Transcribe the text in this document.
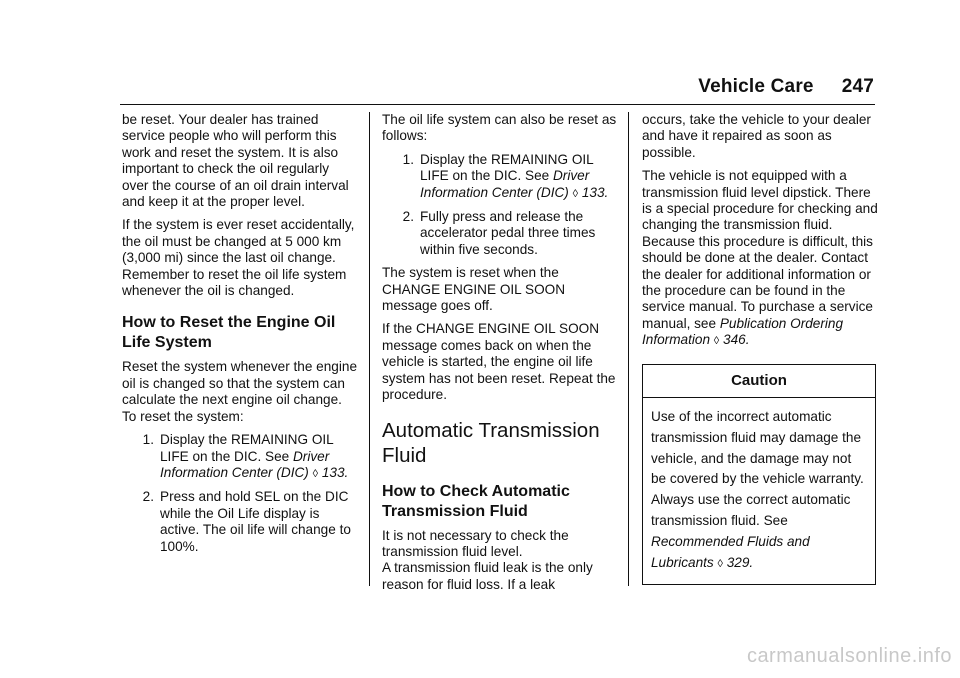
Vehicle Care 247

be reset. Your dealer has trained service people who will perform this work and reset the system. It is also important to check the oil regularly over the course of an oil drain interval and keep it at the proper level.

If the system is ever reset accidentally, the oil must be changed at 5 000 km (3,000 mi) since the last oil change. Remember to reset the oil life system whenever the oil is changed.

How to Reset the Engine Oil Life System

Reset the system whenever the engine oil is changed so that the system can calculate the next engine oil change. To reset the system:

1. Display the REMAINING OIL LIFE on the DIC. See Driver Information Center (DIC) ◊ 133.
2. Press and hold SEL on the DIC while the Oil Life display is active. The oil life will change to 100%.

The oil life system can also be reset as follows:

1. Display the REMAINING OIL LIFE on the DIC. See Driver Information Center (DIC) ◊ 133.
2. Fully press and release the accelerator pedal three times within five seconds.

The system is reset when the CHANGE ENGINE OIL SOON message goes off.

If the CHANGE ENGINE OIL SOON message comes back on when the vehicle is started, the engine oil life system has not been reset. Repeat the procedure.

Automatic Transmission Fluid
How to Check Automatic Transmission Fluid

It is not necessary to check the transmission fluid level.

A transmission fluid leak is the only reason for fluid loss. If a leak

occurs, take the vehicle to your dealer and have it repaired as soon as possible.

The vehicle is not equipped with a transmission fluid level dipstick. There is a special procedure for checking and changing the transmission fluid. Because this procedure is difficult, this should be done at the dealer. Contact the dealer for additional information or the procedure can be found in the service manual. To purchase a service manual, see Publication Ordering Information ◊ 346.

Caution
Use of the incorrect automatic transmission fluid may damage the vehicle, and the damage may not be covered by the vehicle warranty. Always use the correct automatic transmission fluid. See Recommended Fluids and Lubricants ◊ 329.
carmanualsonline.info
